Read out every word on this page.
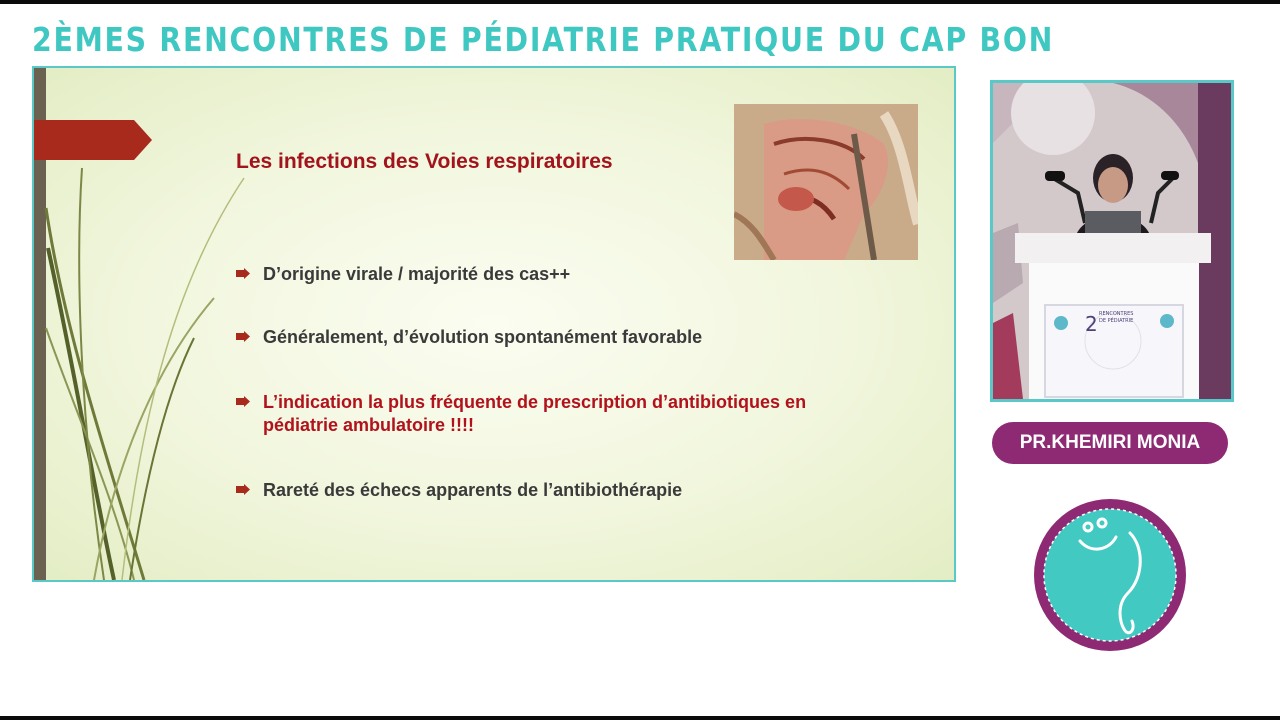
2ÈMES RENCONTRES DE PÉDIATRIE PRATIQUE DU CAP BON
Les infections des Voies respiratoires
D’origine virale / majorité des cas++
Généralement, d’évolution spontanément favorable
L’indication la plus fréquente de prescription d’antibiotiques en
pédiatrie ambulatoire !!!!
Rareté des échecs apparents de l’antibiothérapie
2 RENCONTRES
DE PÉDIATRIE
PR.KHEMIRI MONIA
